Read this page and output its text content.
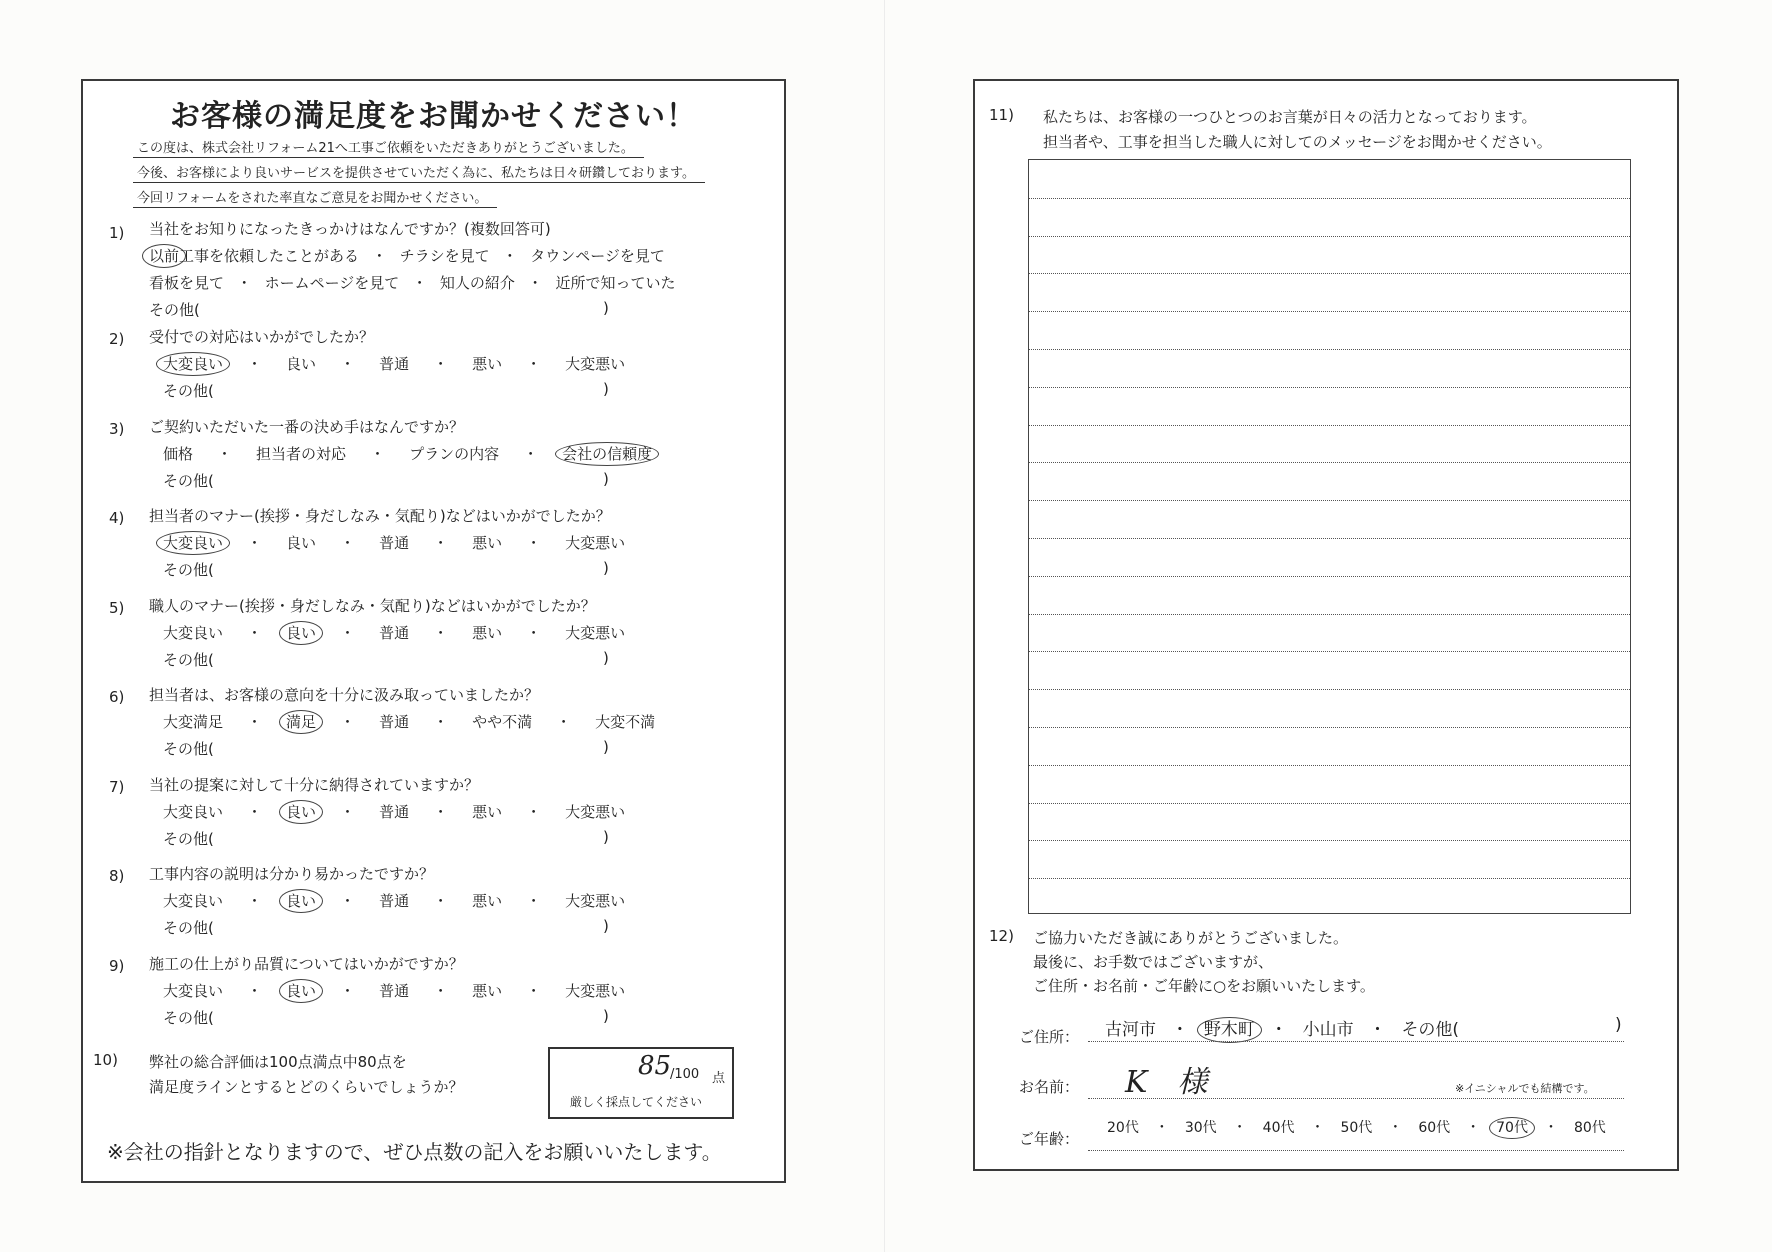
お客様の満足度をお聞かせください！
この度は、株式会社リフォーム21へ工事ご依頼をいただきありがとうございました。
今後、お客様により良いサービスを提供させていただく為に、私たちは日々研鑽しております。
今回リフォームをされた率直なご意見をお聞かせください。
1) 当社をお知りになったきっかけはなんですか？(複数回答可)
以前工事を依頼したことがある ・ チラシを見て ・ タウンページを見て
看板を見て ・ ホームページを見て ・ 知人の紹介 ・ 近所で知っていた
その他(	)
2) 受付での対応はいかがでしたか？
大変良い ・ 良い ・ 普通 ・ 悪い ・ 大変悪い
その他(	)
3) ご契約いただいた一番の決め手はなんですか？
価格 ・ 担当者の対応 ・ プランの内容 ・ 会社の信頼度
その他(	)
4) 担当者のマナー(挨拶・身だしなみ・気配り)などはいかがでしたか？
大変良い ・ 良い ・ 普通 ・ 悪い ・ 大変悪い
その他(	)
5) 職人のマナー(挨拶・身だしなみ・気配り)などはいかがでしたか？
大変良い ・ 良い ・ 普通 ・ 悪い ・ 大変悪い
その他(	)
6) 担当者は、お客様の意向を十分に汲み取っていましたか？
大変満足 ・ 満足 ・ 普通 ・ やや不満 ・ 大変不満
その他(	)
7) 当社の提案に対して十分に納得されていますか？
大変良い ・ 良い ・ 普通 ・ 悪い ・ 大変悪い
その他(	)
8) 工事内容の説明は分かり易かったですか？
大変良い ・ 良い ・ 普通 ・ 悪い ・ 大変悪い
その他(	)
9) 施工の仕上がり品質についてはいかがですか？
大変良い ・ 良い ・ 普通 ・ 悪い ・ 大変悪い
その他(	)
10) 弊社の総合評価は100点満点中80点を
満足度ラインとするとどのくらいでしょうか？
85
/100 点
厳しく採点してください
※会社の指針となりますので、ぜひ点数の記入をお願いいたします。
11) 私たちは、お客様の一つひとつのお言葉が日々の活力となっております。
担当者や、工事を担当した職人に対してのメッセージをお聞かせください。
12) ご協力いただき誠にありがとうございました。
最後に、お手数ではございますが、
ご住所・お名前・ご年齢に○をお願いいたします。
ご住所： 古河市 ・ 野木町 ・ 小山市 ・ その他(	)
お名前： K　様	※イニシャルでも結構です。
ご年齢：
20代 ・ 30代 ・ 40代 ・ 50代 ・ 60代 ・ 70代 ・ 80代
